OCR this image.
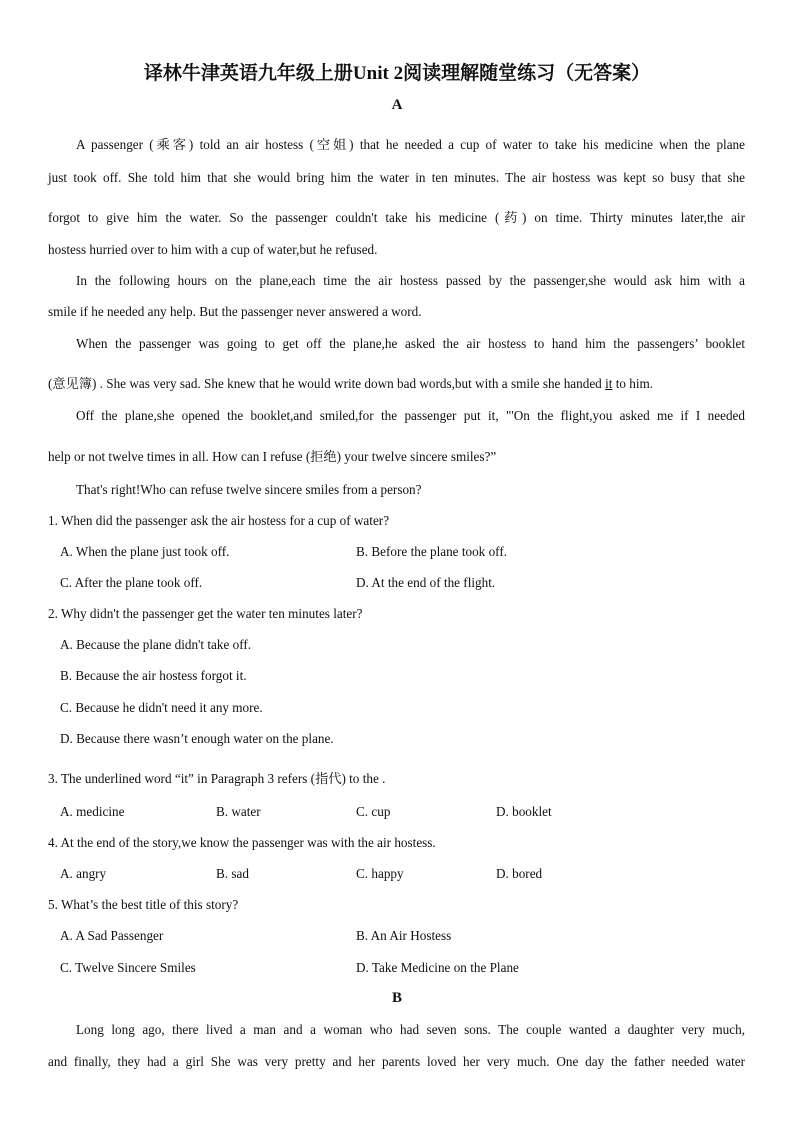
译林牛津英语九年级上册Unit 2阅读理解随堂练习（无答案）
A
A passenger (乘客) told an air hostess (空姐) that he needed a cup of water to take his medicine when the plane
just took off. She told him that she would bring him the water in ten minutes. The air hostess was kept so busy that she
forgot to give him the water. So the passenger couldn't take his medicine (药) on time. Thirty minutes later,the air
hostess hurried over to him with a cup of water,but he refused.
In the following hours on the plane,each time the air hostess passed by the passenger,she would ask him with a
smile if he needed any help. But the passenger never answered a word.
When the passenger was going to get off the plane,he asked the air hostess to hand him the passengers’ booklet
(意见簿) . She was very sad. She knew that he would write down bad words,but with a smile she handed it to him.
Off the plane,she opened the booklet,and smiled,for the passenger put it, "'On the flight,you asked me if I needed
help or not twelve times in all. How can I refuse (拒绝) your twelve sincere smiles?”
That's right!Who can refuse twelve sincere smiles from a person?
1. When did the passenger ask the air hostess for a cup of water?
A. When the plane just took off.	B. Before the plane took off.
C. After the plane took off.	D. At the end of the flight.
2. Why didn't the passenger get the water ten minutes later?
A. Because the plane didn't take off.
B. Because the air hostess forgot it.
C. Because he didn't need it any more.
D. Because there wasn’t enough water on the plane.
3. The underlined word “it” in Paragraph 3 refers (指代) to the .
A. medicine	B. water	C. cup	D. booklet
4. At the end of the story,we know the passenger was with the air hostess.
A. angry	B. sad	C. happy	D. bored
5. What’s the best title of this story?
A. A Sad Passenger	B. An Air Hostess
C. Twelve Sincere Smiles	D. Take Medicine on the Plane
B
Long long ago, there lived a man and a woman who had seven sons. The couple wanted a daughter very much,
and finally, they had a girl She was very pretty and her parents loved her very much. One day the father needed water
